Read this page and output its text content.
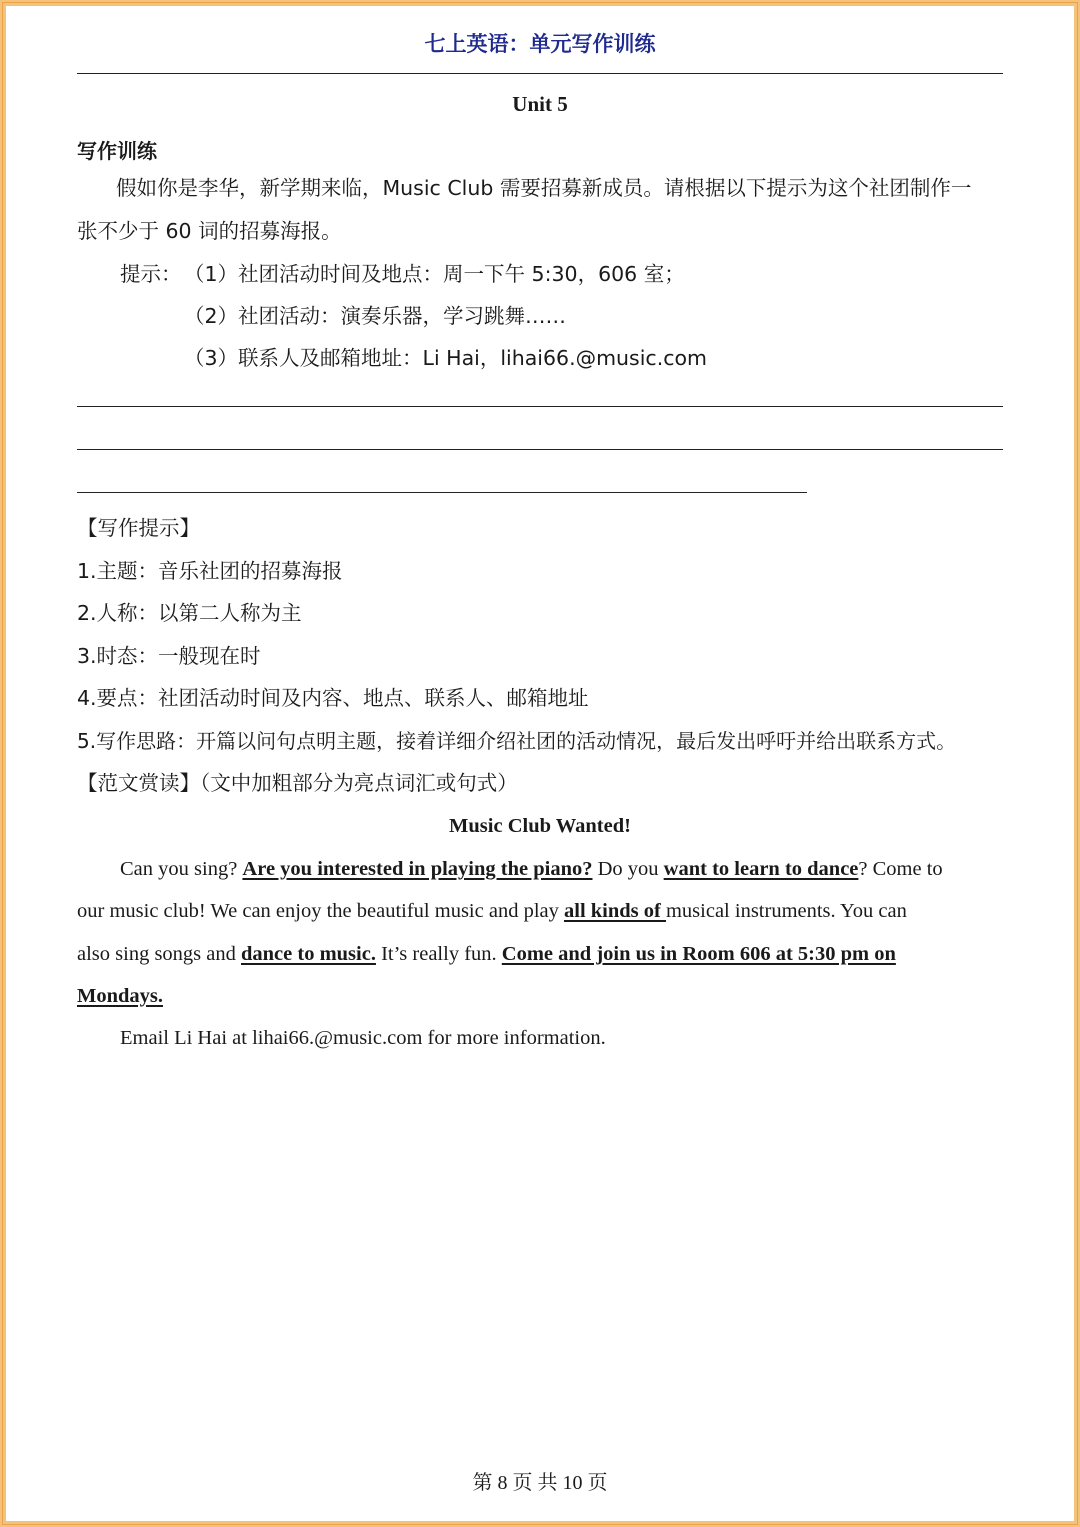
七上英语：单元写作训练
Unit 5
写作训练
假如你是李华，新学期来临，Music Club 需要招募新成员。请根据以下提示为这个社团制作一
张不少于 60 词的招募海报。
提示： （1）社团活动时间及地点：周一下午 5:30，606 室；
（2）社团活动：演奏乐器，学习跳舞……
（3）联系人及邮箱地址：Li Hai，lihai66.@music.com
【写作提示】
1.主题：音乐社团的招募海报
2.人称：以第二人称为主
3.时态：一般现在时
4.要点：社团活动时间及内容、地点、联系人、邮箱地址
5.写作思路：开篇以问句点明主题，接着详细介绍社团的活动情况，最后发出呼吁并给出联系方式。
【范文赏读】（文中加粗部分为亮点词汇或句式）
Music Club Wanted!
Can you sing? Are you interested in playing the piano? Do you want to learn to dance? Come to
our music club! We can enjoy the beautiful music and play all kinds of musical instruments. You can
also sing songs and dance to music. It’s really fun. Come and join us in Room 606 at 5:30 pm on
Mondays.
Email Li Hai at lihai66.@music.com for more information.
第 8 页 共 10 页
